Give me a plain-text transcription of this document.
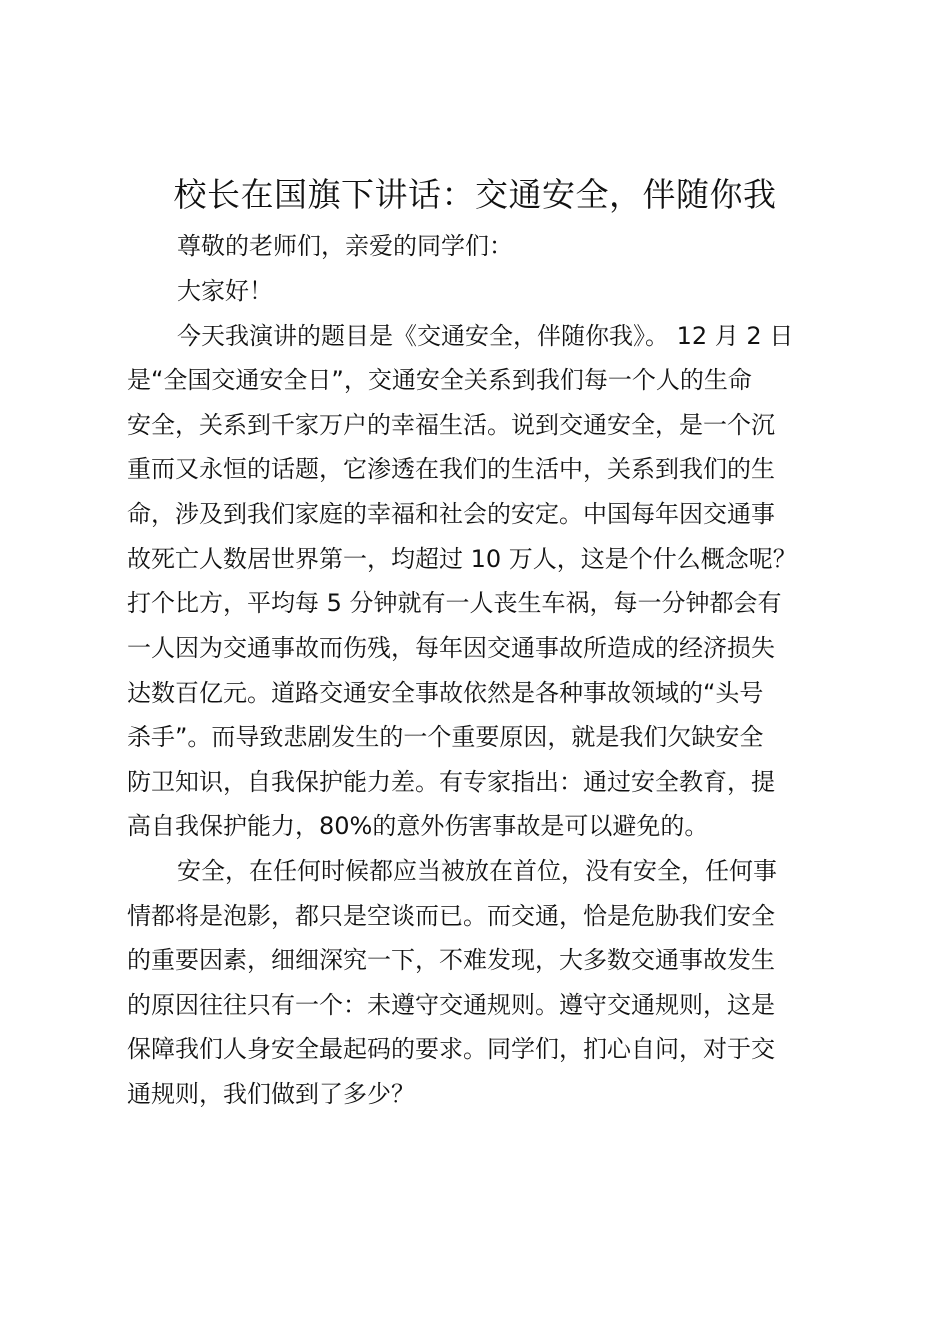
校长在国旗下讲话：交通安全，伴随你我
尊敬的老师们，亲爱的同学们：
大家好！
今天我演讲的题目是《交通安全，伴随你我》。 12 月 2 日
是“全国交通安全日”，交通安全关系到我们每一个人的生命
安全，关系到千家万户的幸福生活。说到交通安全，是一个沉
重而又永恒的话题，它渗透在我们的生活中，关系到我们的生
命，涉及到我们家庭的幸福和社会的安定。中国每年因交通事
故死亡人数居世界第一，均超过 10 万人，这是个什么概念呢？
打个比方，平均每 5 分钟就有一人丧生车祸，每一分钟都会有
一人因为交通事故而伤残，每年因交通事故所造成的经济损失
达数百亿元。道路交通安全事故依然是各种事故领域的“头号
杀手”。而导致悲剧发生的一个重要原因，就是我们欠缺安全
防卫知识，自我保护能力差。有专家指出：通过安全教育，提
高自我保护能力，80%的意外伤害事故是可以避免的。
安全，在任何时候都应当被放在首位，没有安全，任何事
情都将是泡影，都只是空谈而已。而交通，恰是危胁我们安全
的重要因素，细细深究一下，不难发现，大多数交通事故发生
的原因往往只有一个：未遵守交通规则。遵守交通规则，这是
保障我们人身安全最起码的要求。同学们，扪心自问，对于交
通规则，我们做到了多少？
